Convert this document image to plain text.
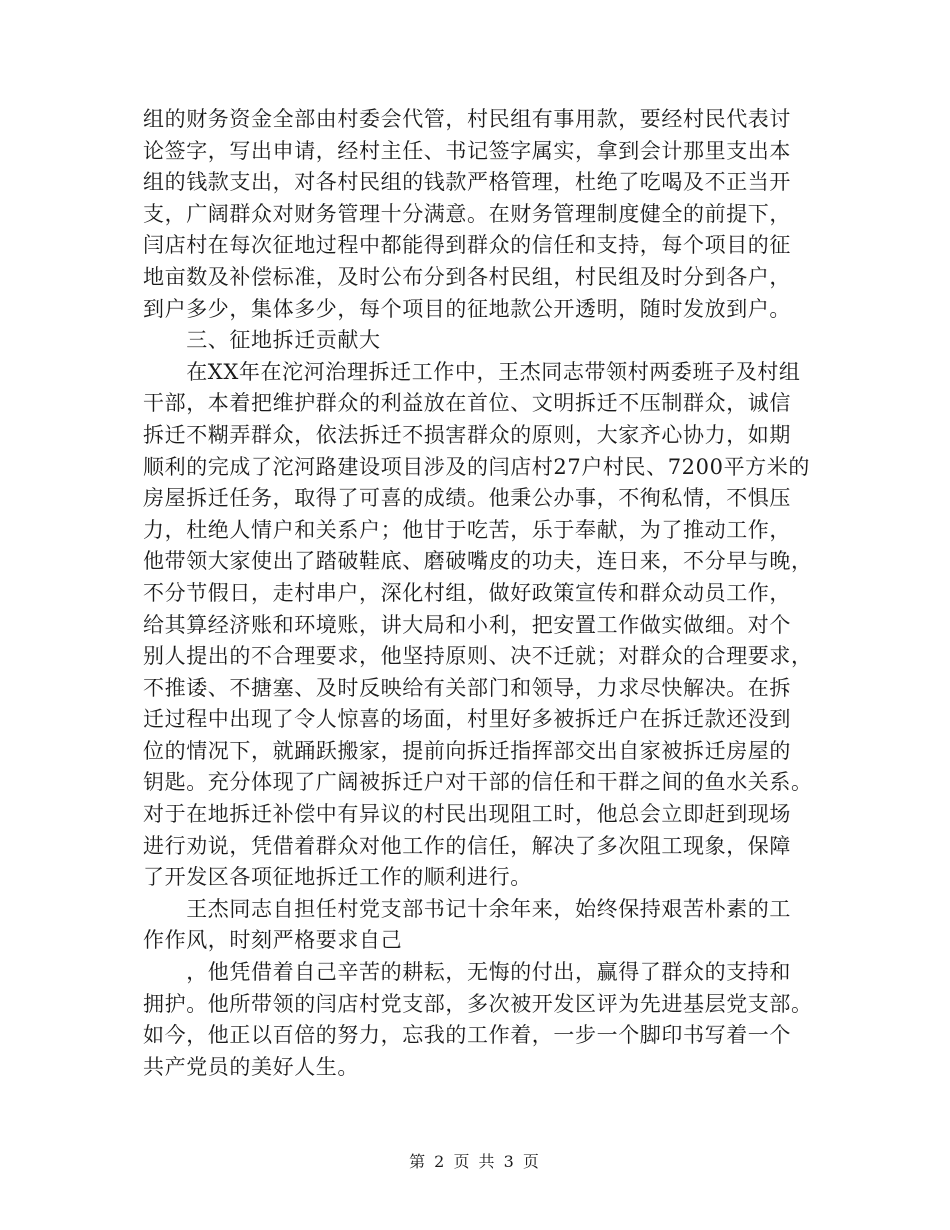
组的财务资金全部由村委会代管，村民组有事用款，要经村民代表讨
论签字，写出申请，经村主任、书记签字属实，拿到会计那里支出本
组的钱款支出，对各村民组的钱款严格管理，杜绝了吃喝及不正当开
支，广阔群众对财务管理十分满意。在财务管理制度健全的前提下，
闫店村在每次征地过程中都能得到群众的信任和支持，每个项目的征
地亩数及补偿标准，及时公布分到各村民组，村民组及时分到各户，
到户多少，集体多少，每个项目的征地款公开透明，随时发放到户。
　　三、征地拆迁贡献大
　　在XX年在沱河治理拆迁工作中，王杰同志带领村两委班子及村组
干部，本着把维护群众的利益放在首位、文明拆迁不压制群众，诚信
拆迁不糊弄群众，依法拆迁不损害群众的原则，大家齐心协力，如期
顺利的完成了沱河路建设项目涉及的闫店村27户村民、7200平方米的
房屋拆迁任务，取得了可喜的成绩。他秉公办事，不徇私情，不惧压
力，杜绝人情户和关系户；他甘于吃苦，乐于奉献，为了推动工作，
他带领大家使出了踏破鞋底、磨破嘴皮的功夫，连日来，不分早与晚，
不分节假日，走村串户，深化村组，做好政策宣传和群众动员工作，
给其算经济账和环境账，讲大局和小利，把安置工作做实做细。对个
别人提出的不合理要求，他坚持原则、决不迁就；对群众的合理要求，
不推诿、不搪塞、及时反映给有关部门和领导，力求尽快解决。在拆
迁过程中出现了令人惊喜的场面，村里好多被拆迁户在拆迁款还没到
位的情况下，就踊跃搬家，提前向拆迁指挥部交出自家被拆迁房屋的
钥匙。充分体现了广阔被拆迁户对干部的信任和干群之间的鱼水关系。
对于在地拆迁补偿中有异议的村民出现阻工时，他总会立即赶到现场
进行劝说，凭借着群众对他工作的信任，解决了多次阻工现象，保障
了开发区各项征地拆迁工作的顺利进行。
　　王杰同志自担任村党支部书记十余年来，始终保持艰苦朴素的工
作作风，时刻严格要求自己
　　，他凭借着自己辛苦的耕耘，无悔的付出，赢得了群众的支持和
拥护。他所带领的闫店村党支部，多次被开发区评为先进基层党支部。
如今，他正以百倍的努力，忘我的工作着，一步一个脚印书写着一个
共产党员的美好人生。
第 2 页 共 3 页
